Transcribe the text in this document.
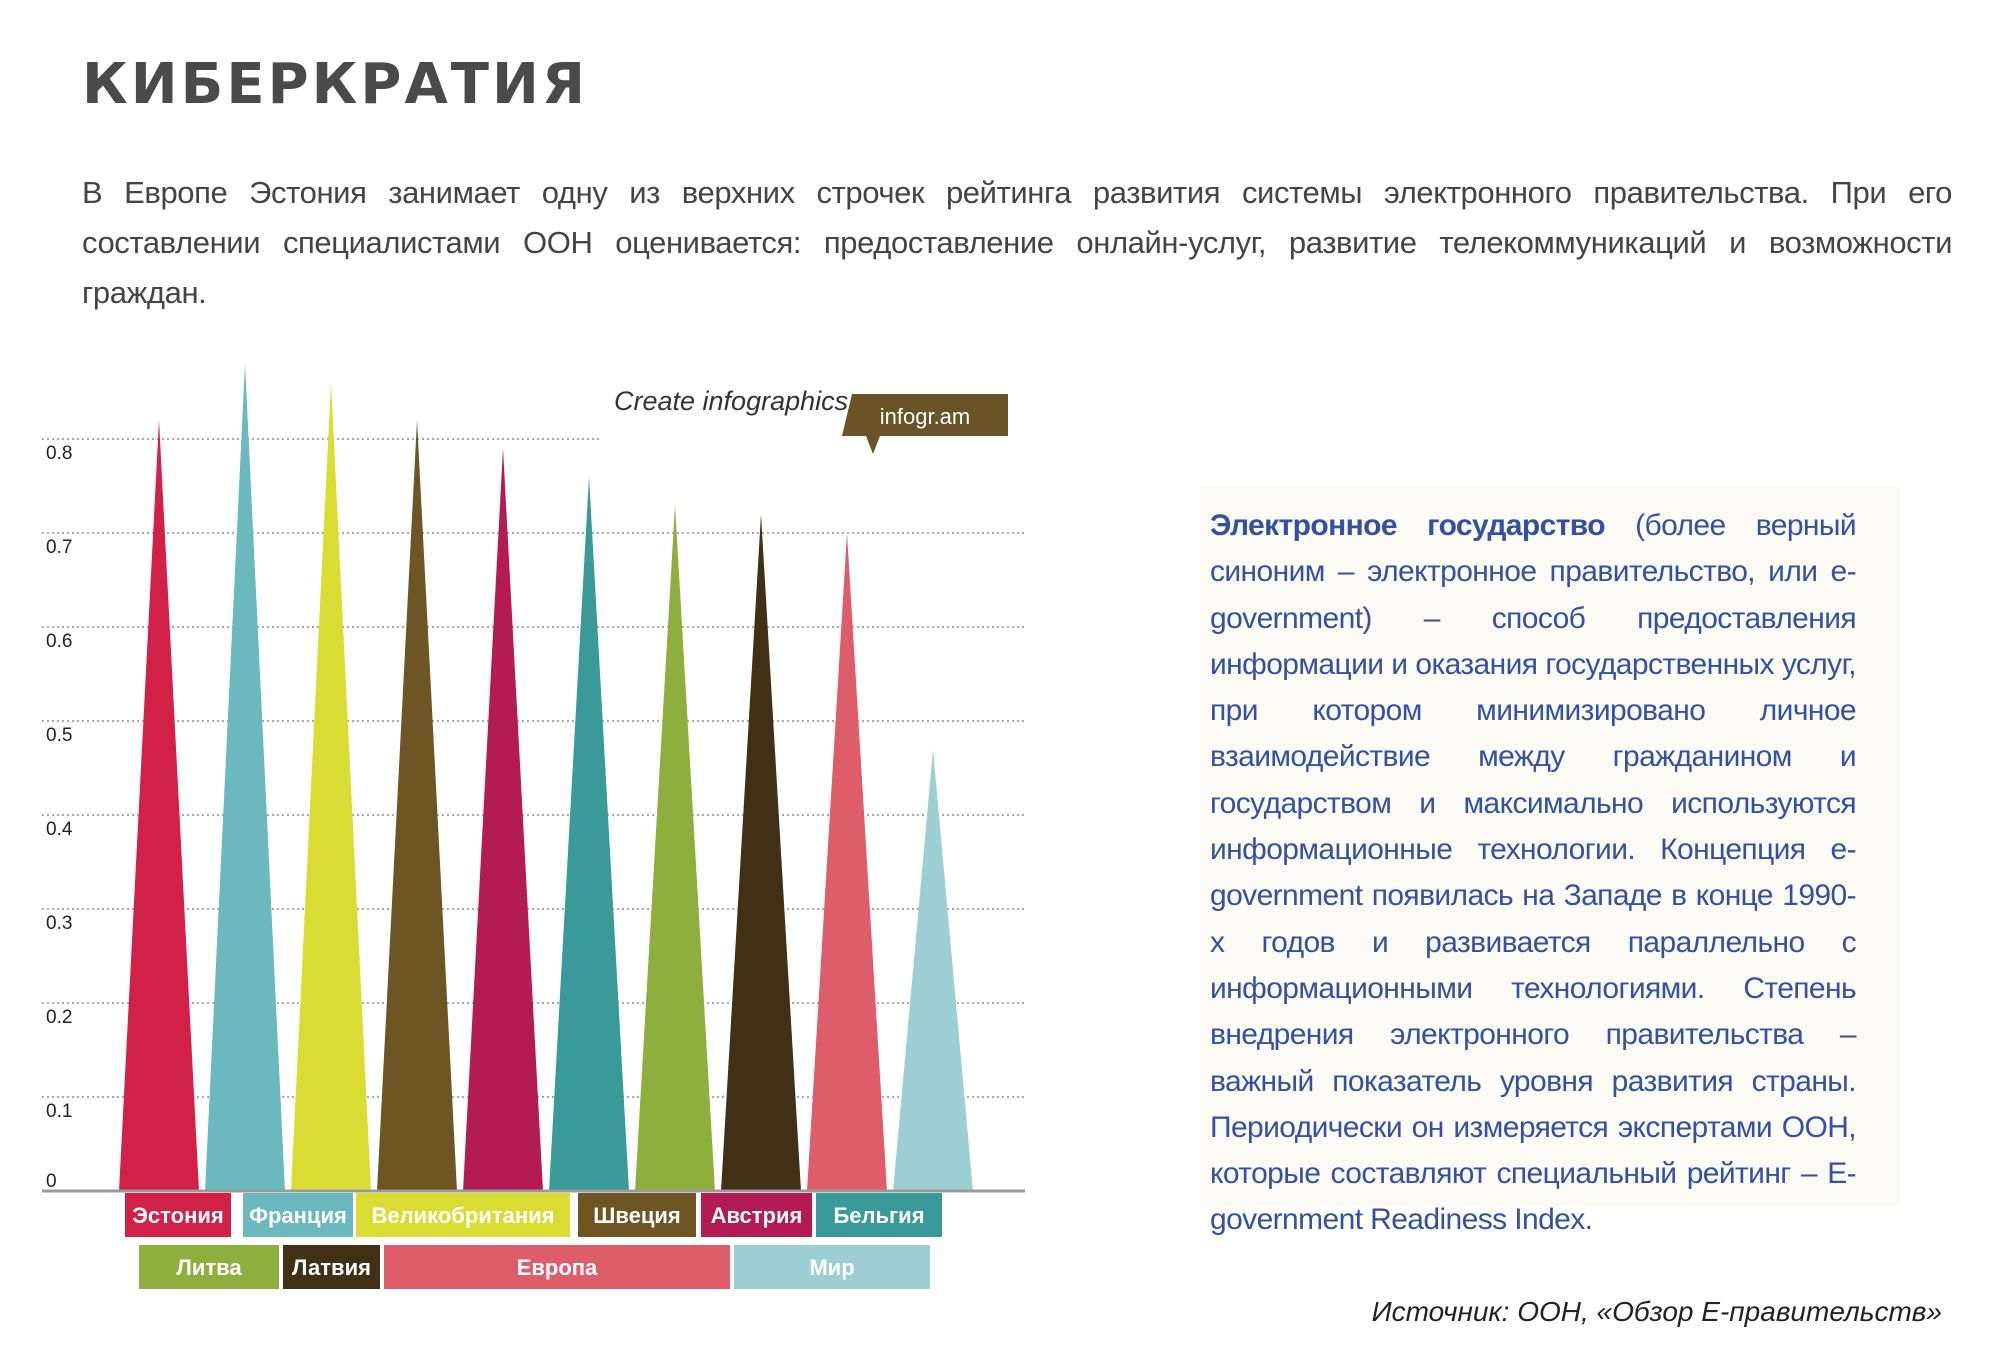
КИБЕРКРАТИЯ

В Европе Эстония занимает одну из верхних строчек рейтинга развития системы электронного правительства. При его составлении специалистами ООН оценивается: предоставление онлайн-услуг, развитие телекоммуникаций и возможности граждан.

0
0.1
0.2
0.3
0.4
0.5
0.6
0.7
0.8
Эстония Франция Великобритания Швеция Австрия Бельгия
Литва Латвия	Европа	Мир
Create infographics
infogr.am

Электронное государство (более верный синоним – электронное правительство, или e-government) – способ предоставления информации и оказания государственных услуг, при котором минимизировано личное взаимодействие между гражданином и государством и максимально используются информационные технологии. Концепция e-government появилась на Западе в конце 1990-х годов и развивается параллельно с информационными технологиями. Степень внедрения электронного правительства – важный показатель уровня развития страны. Периодически он измеряется экспертами ООН, которые составляют специальный рейтинг – E-government Readiness Index.

Источник: ООН, «Обзор Е-правительств»
